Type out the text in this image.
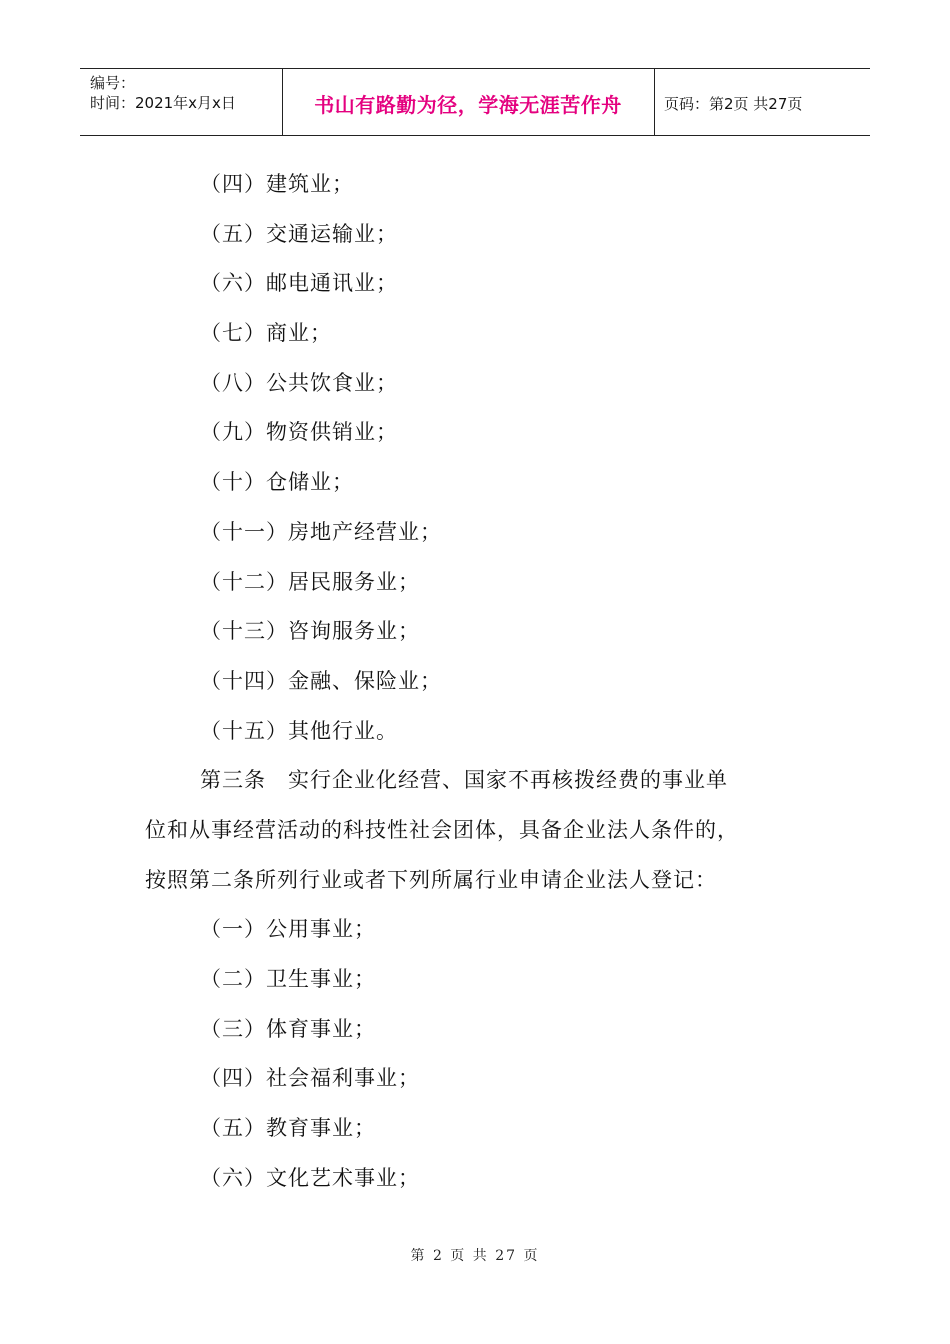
编号：
时间：2021年x月x日	书山有路勤为径，学海无涯苦作舟	页码：第2页 共27页
（四）建筑业；
（五）交通运输业；
（六）邮电通讯业；
（七）商业；
（八）公共饮食业；
（九）物资供销业；
（十）仓储业；
（十一）房地产经营业；
（十二）居民服务业；
（十三）咨询服务业；
（十四）金融、保险业；
（十五）其他行业。
第三条　实行企业化经营、国家不再核拨经费的事业单
位和从事经营活动的科技性社会团体，具备企业法人条件的，
按照第二条所列行业或者下列所属行业申请企业法人登记：
（一）公用事业；
（二）卫生事业；
（三）体育事业；
（四）社会福利事业；
（五）教育事业；
（六）文化艺术事业；
第 2 页 共 27 页
